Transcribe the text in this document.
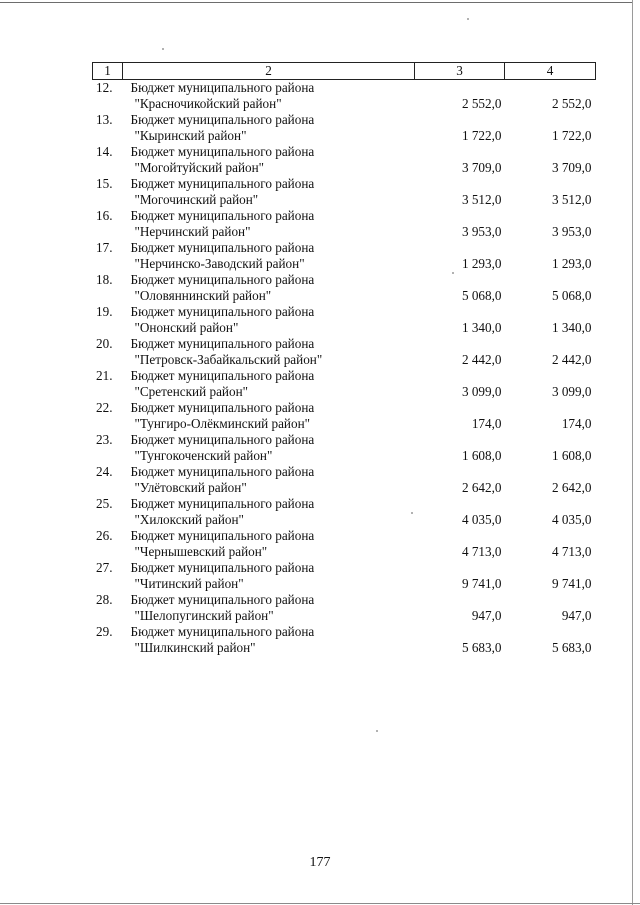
1	2	3	4
12.	Бюджет муниципального района
"Красночикойский район"	2 552,0	2 552,0
13.	Бюджет муниципального района
"Кыринский район"	1 722,0	1 722,0
14.	Бюджет муниципального района
"Могойтуйский район"	3 709,0	3 709,0
15.	Бюджет муниципального района
"Могочинский район"	3 512,0	3 512,0
16.	Бюджет муниципального района
"Нерчинский район"	3 953,0	3 953,0
17.	Бюджет муниципального района
"Нерчинско-Заводский район"	1 293,0	1 293,0
18.	Бюджет муниципального района
"Оловяннинский район"	5 068,0	5 068,0
19.	Бюджет муниципального района
"Ононский район"	1 340,0	1 340,0
20.	Бюджет муниципального района
"Петровск-Забайкальский район"	2 442,0	2 442,0
21.	Бюджет муниципального района
"Сретенский район"	3 099,0	3 099,0
22.	Бюджет муниципального района
"Тунгиро-Олёкминский район"	174,0	174,0
23.	Бюджет муниципального района
"Тунгокоченский район"	1 608,0	1 608,0
24.	Бюджет муниципального района
"Улётовский район"	2 642,0	2 642,0
25.	Бюджет муниципального района
"Хилокский район"	4 035,0	4 035,0
26.	Бюджет муниципального района
"Чернышевский район"	4 713,0	4 713,0
27.	Бюджет муниципального района
"Читинский район"	9 741,0	9 741,0
28.	Бюджет муниципального района
"Шелопугинский район"	947,0	947,0
29.	Бюджет муниципального района
"Шилкинский район"	5 683,0	5 683,0
177
